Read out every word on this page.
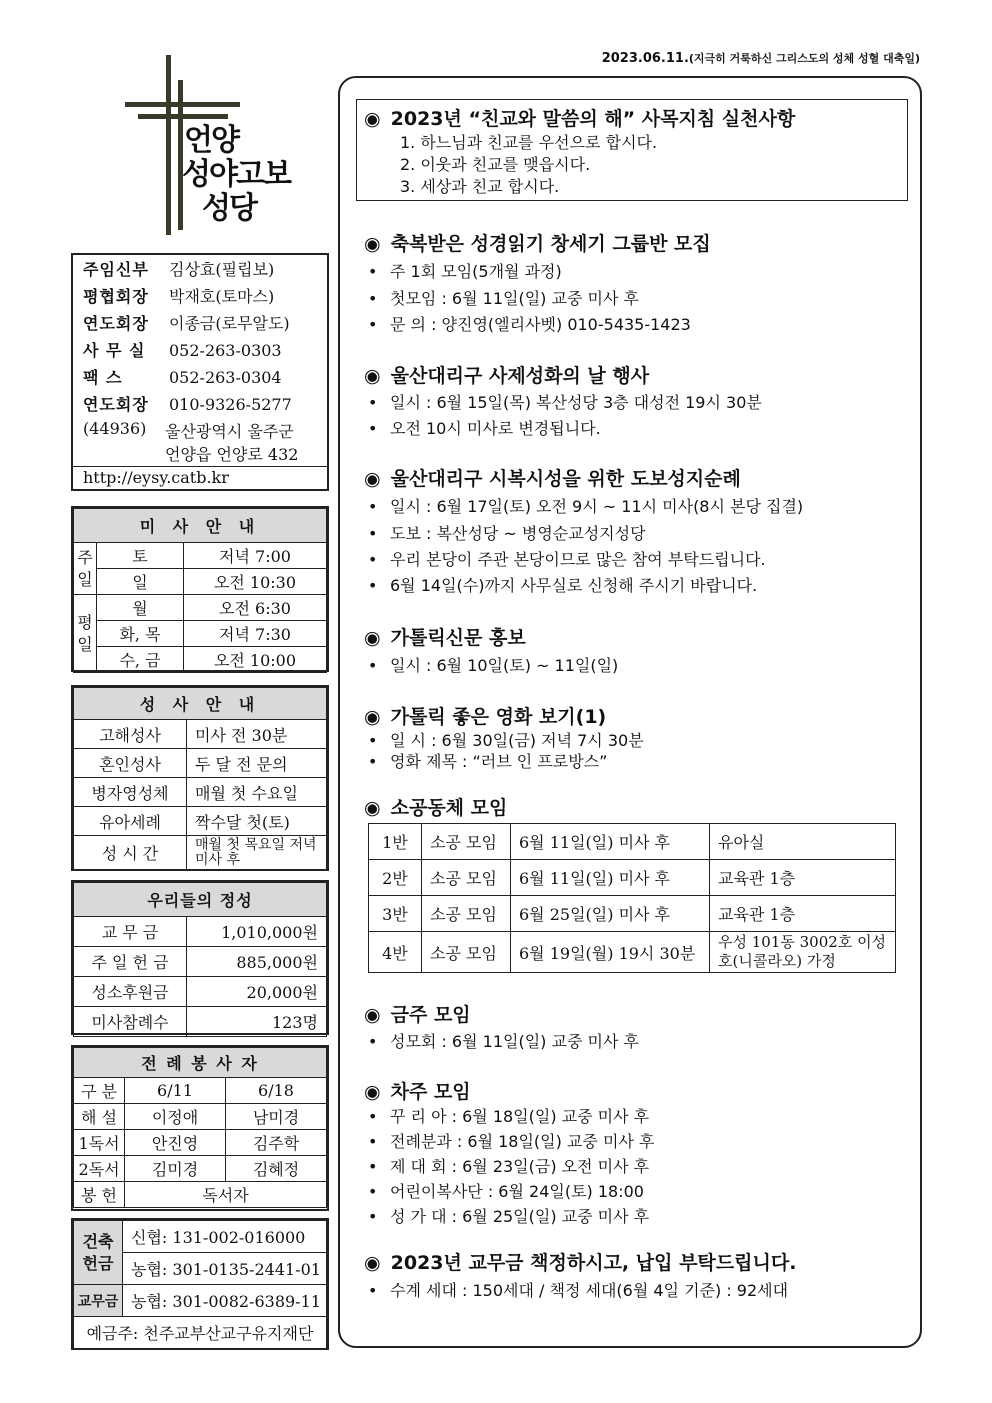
2023.06.11.(지극히 거룩하신 그리스도의 성체 성혈 대축일)
언양
성야고보
성당
주임신부 김상효(필립보)
평협회장 박재호(토마스)
연도회장 이종금(로무알도)
사 무 실 052-263-0303
팩 스	052-263-0304
연도회장 010-9326-5277
(44936) 울산광역시 울주군
언양읍 언양로 432
http://eysy.catb.kr
미 사 안 내		
주
일	토	저녁 7:00
	일	오전 10:30
평
일	월	오전 6:30
	화, 목	저녁 7:30
	수, 금	오전 10:00
성 사 안 내	
고해성사	미사 전 30분
혼인성사	두 달 전 문의
병자영성체	매월 첫 수요일
유아세례	짝수달 첫(토)
성 시 간	매월 첫 목요일 저녁미사 후
우리들의 정성	
교 무 금	1,010,000원
주 일 헌 금	885,000원
성소후원금	20,000원
미사참례수	123명
전 례 봉 사 자		
구 분	6/11	6/18
해 설	이정애	남미경
1독서	안진영	김주학
2독서	김미경	김혜정
봉 헌	독서자	
건축
헌금	신협: 131-002-016000
	농협: 301-0135-2441-01
교무금	농협: 301-0082-6389-11
예금주: 천주교부산교구유지재단	
◉ 2023년 “친교와 말씀의 해” 사목지침 실천사항
1. 하느님과 친교를 우선으로 합시다.
2. 이웃과 친교를 맺읍시다.
3. 세상과 친교 합시다.
◉ 축복받은 성경읽기 창세기 그룹반 모집
• 주 1회 모임(5개월 과정)
• 첫모임 : 6월 11일(일) 교중 미사 후
• 문 의 : 양진영(엘리사벳) 010-5435-1423
◉ 울산대리구 사제성화의 날 행사
• 일시 : 6월 15일(목) 복산성당 3층 대성전 19시 30분
• 오전 10시 미사로 변경됩니다.
◉ 울산대리구 시복시성을 위한 도보성지순례
• 일시 : 6월 17일(토) 오전 9시 ~ 11시 미사(8시 본당 집결)
• 도보 : 복산성당 ~ 병영순교성지성당
• 우리 본당이 주관 본당이므로 많은 참여 부탁드립니다.
• 6월 14일(수)까지 사무실로 신청해 주시기 바랍니다.
◉ 가톨릭신문 홍보
• 일시 : 6월 10일(토) ~ 11일(일)
◉ 가톨릭 좋은 영화 보기(1)
• 일 시 : 6월 30일(금) 저녁 7시 30분
• 영화 제목 : “러브 인 프로방스”
◉ 소공동체 모임
1반	소공 모임	6월 11일(일) 미사 후	유아실
2반	소공 모임	6월 11일(일) 미사 후	교육관 1층
3반	소공 모임	6월 25일(일) 미사 후	교육관 1층
4반	소공 모임	6월 19일(월) 19시 30분	우성 101동 3002호 이성호(니콜라오) 가정
◉ 금주 모임
• 성모회 : 6월 11일(일) 교중 미사 후
◉ 차주 모임
• 꾸 리 아 : 6월 18일(일) 교중 미사 후
• 전례분과 : 6월 18일(일) 교중 미사 후
• 제 대 회 : 6월 23일(금) 오전 미사 후
• 어린이복사단 : 6월 24일(토) 18:00
• 성 가 대 : 6월 25일(일) 교중 미사 후
◉ 2023년 교무금 책정하시고, 납입 부탁드립니다.
• 수계 세대 : 150세대 / 책정 세대(6월 4일 기준) : 92세대
